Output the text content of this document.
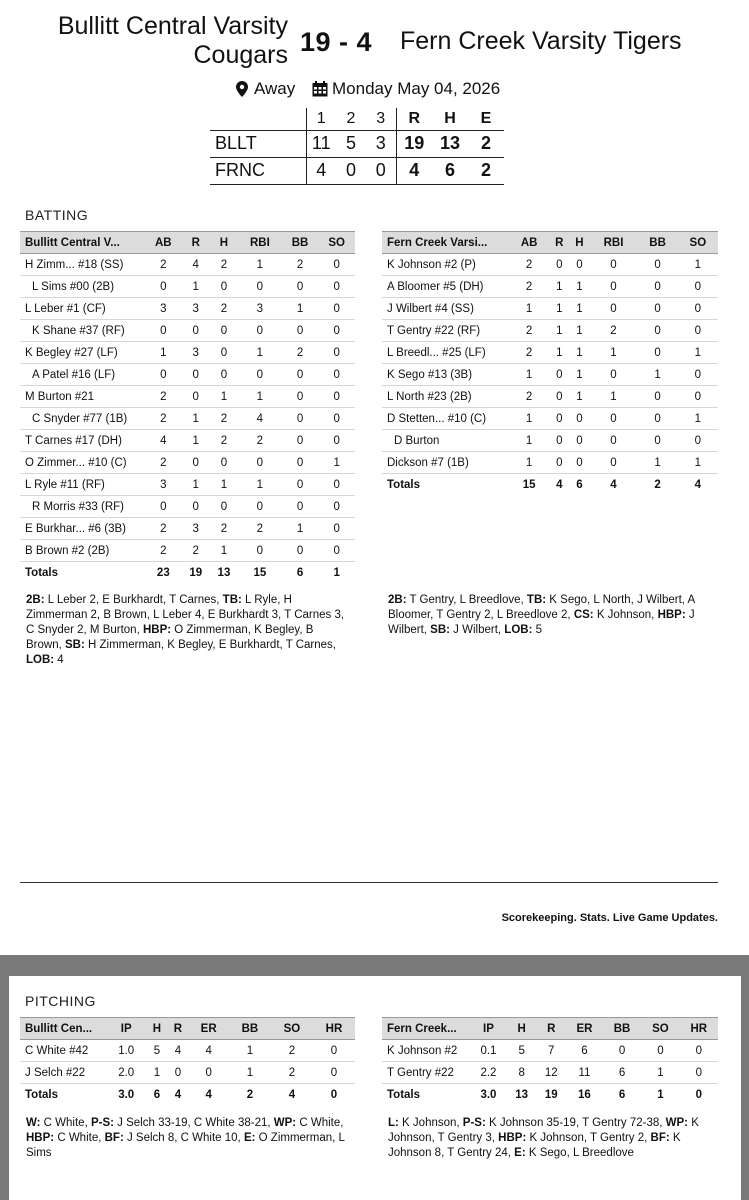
Bullitt Central Varsity
Cougars 19 - 4 Fern Creek Varsity Tigers
Away Monday May 04, 2026
	1	2	3	R	H	E
BLLT	11	5	3	19	13	2
FRNC	4	0	0	4	6	2
BATTING
Bullitt Central V...	AB	R	H	RBI	BB	SO
H Zimm... #18 (SS)	2	4	2	1	2	0
L Sims #00 (2B)	0	1	0	0	0	0
L Leber #1 (CF)	3	3	2	3	1	0
K Shane #37 (RF)	0	0	0	0	0	0
K Begley #27 (LF)	1	3	0	1	2	0
A Patel #16 (LF)	0	0	0	0	0	0
M Burton #21	2	0	1	1	0	0
C Snyder #77 (1B)	2	1	2	4	0	0
T Carnes #17 (DH)	4	1	2	2	0	0
O Zimmer... #10 (C)	2	0	0	0	0	1
L Ryle #11 (RF)	3	1	1	1	0	0
R Morris #33 (RF)	0	0	0	0	0	0
E Burkhar... #6 (3B)	2	3	2	2	1	0
B Brown #2 (2B)	2	2	1	0	0	0
Totals	23	19	13	15	6	1
Fern Creek Varsi...	AB	R	H	RBI	BB	SO
K Johnson #2 (P)	2	0	0	0	0	1
A Bloomer #5 (DH)	2	1	1	0	0	0
J Wilbert #4 (SS)	1	1	1	0	0	0
T Gentry #22 (RF)	2	1	1	2	0	0
L Breedl... #25 (LF)	2	1	1	1	0	1
K Sego #13 (3B)	1	0	1	0	1	0
L North #23 (2B)	2	0	1	1	0	0
D Stetten... #10 (C)	1	0	0	0	0	1
D Burton	1	0	0	0	0	0
Dickson #7 (1B)	1	0	0	0	1	1
Totals	15	4	6	4	2	4
2B: L Leber 2, E Burkhardt, T Carnes, TB: L Ryle, H Zimmerman 2, B Brown, L Leber 4, E Burkhardt 3, T Carnes 3, C Snyder 2, M Burton, HBP: O Zimmerman, K Begley, B Brown, SB: H Zimmerman, K Begley, E Burkhardt, T Carnes, LOB: 4
2B: T Gentry, L Breedlove, TB: K Sego, L North, J Wilbert, A Bloomer, T Gentry 2, L Breedlove 2, CS: K Johnson, HBP: J Wilbert, SB: J Wilbert, LOB: 5
Scorekeeping. Stats. Live Game Updates.
PITCHING
Bullitt Cen...	IP	H	R	ER	BB	SO	HR
C White #42	1.0	5	4	4	1	2	0
J Selch #22	2.0	1	0	0	1	2	0
Totals	3.0	6	4	4	2	4	0
Fern Creek...	IP	H	R	ER	BB	SO	HR
K Johnson #2	0.1	5	7	6	0	0	0
T Gentry #22	2.2	8	12	11	6	1	0
Totals	3.0	13	19	16	6	1	0
W: C White, P-S: J Selch 33-19, C White 38-21, WP: C White, HBP: C White, BF: J Selch 8, C White 10, E: O Zimmerman, L Sims
L: K Johnson, P-S: K Johnson 35-19, T Gentry 72-38, WP: K Johnson, T Gentry 3, HBP: K Johnson, T Gentry 2, BF: K Johnson 8, T Gentry 24, E: K Sego, L Breedlove
